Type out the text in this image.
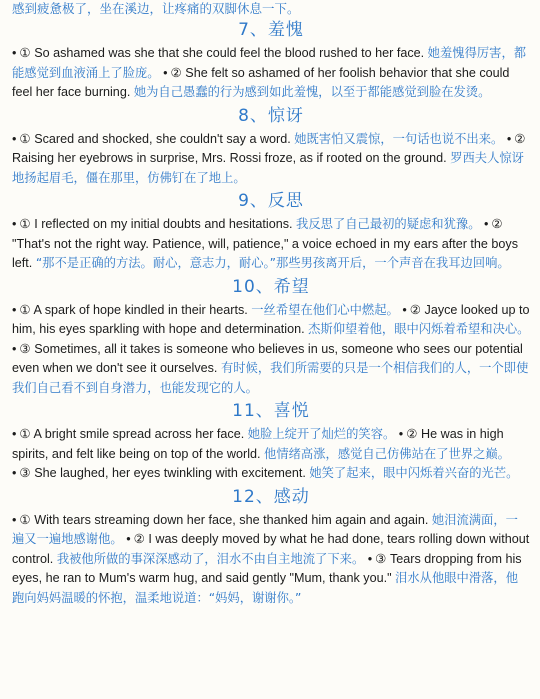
感到疲惫极了，坐在溪边，让疼痛的双脚休息一下。

7、羞愧

• ① So ashamed was she that she could feel the blood rushed to her face. 她羞愧得厉害，都能感觉到血液涌上了脸庞。 • ② She felt so ashamed of her foolish behavior that she could feel her face burning. 她为自己愚蠢的行为感到如此羞愧，以至于都能感觉到脸在发烫。

8、惊讶

• ① Scared and shocked, she couldn't say a word. 她既害怕又震惊，一句话也说不出来。 • ② Raising her eyebrows in surprise, Mrs. Rossi froze, as if rooted on the ground. 罗西夫人惊讶地扬起眉毛，僵在那里，仿佛钉在了地上。

9、反思

• ① I reflected on my initial doubts and hesitations. 我反思了自己最初的疑虑和犹豫。 • ② "That's not the right way. Patience, will, patience," a voice echoed in my ears after the boys left. “那不是正确的方法。耐心，意志力，耐心。”那些男孩离开后，一个声音在我耳边回响。

10、希望

• ① A spark of hope kindled in their hearts. 一丝希望在他们心中燃起。 • ② Jayce looked up to him, his eyes sparkling with hope and determination. 杰斯仰望着他，眼中闪烁着希望和决心。 • ③ Sometimes, all it takes is someone who believes in us, someone who sees our potential even when we don't see it ourselves. 有时候，我们所需要的只是一个相信我们的人，一个即使我们自己看不到自身潜力，也能发现它的人。

11、喜悦

• ① A bright smile spread across her face. 她脸上绽开了灿烂的笑容。 • ② He was in high spirits, and felt like being on top of the world. 他情绪高涨，感觉自己仿佛站在了世界之巅。 • ③ She laughed, her eyes twinkling with excitement. 她笑了起来，眼中闪烁着兴奋的光芒。

12、感动

• ① With tears streaming down her face, she thanked him again and again. 她泪流满面，一遍又一遍地感谢他。 • ② I was deeply moved by what he had done, tears rolling down without control. 我被他所做的事深深感动了，泪水不由自主地流了下来。 • ③ Tears dropping from his eyes, he ran to Mum's warm hug, and said gently "Mum, thank you." 泪水从他眼中滑落，他跑向妈妈温暖的怀抱，温柔地说道：“妈妈，谢谢你。”
